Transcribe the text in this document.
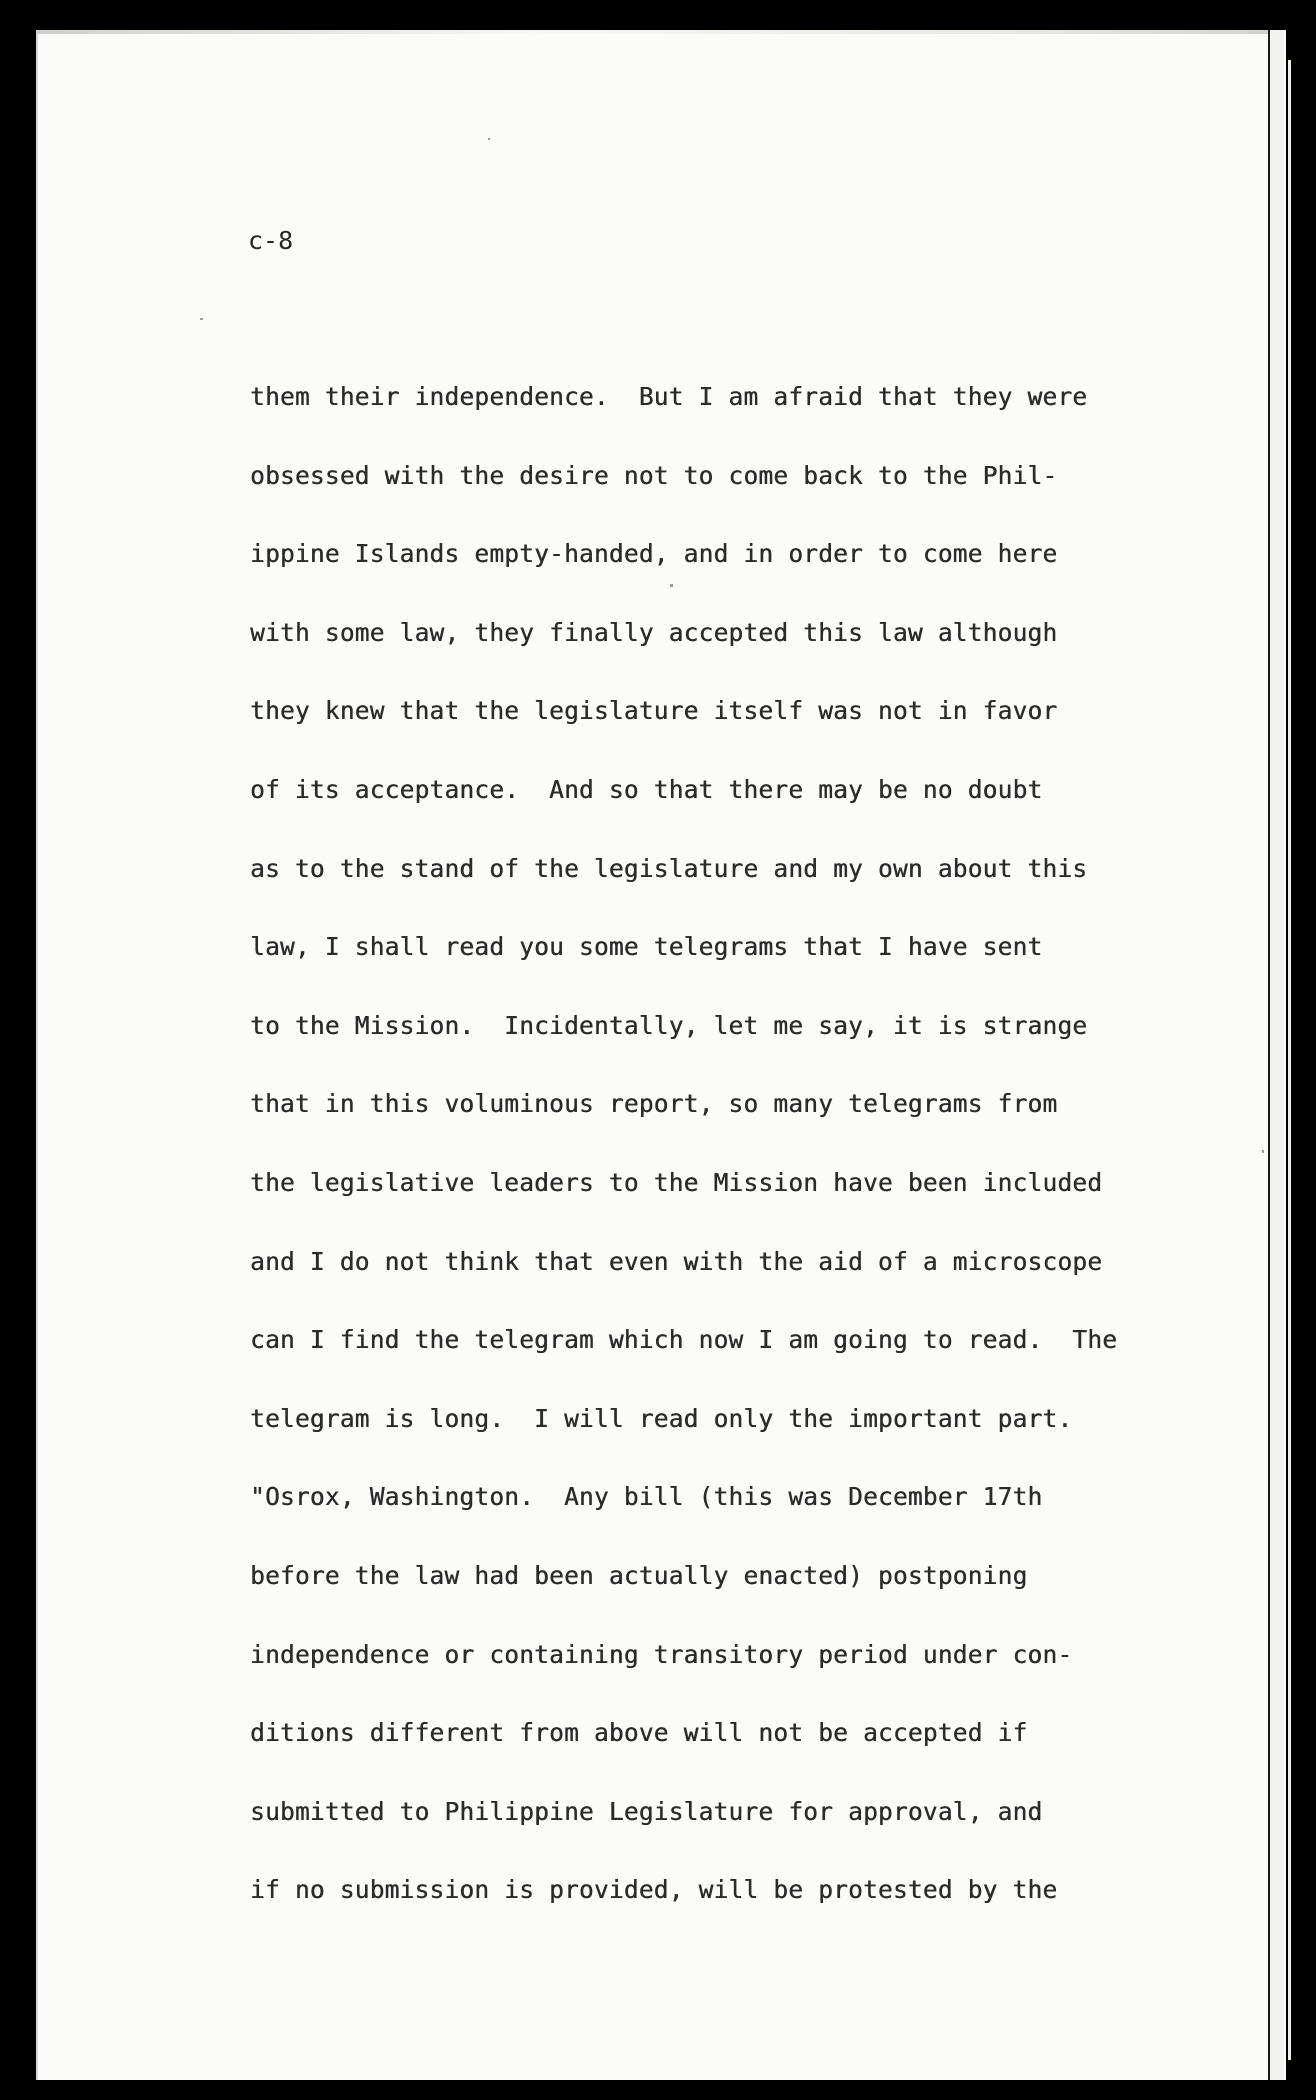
c-8

them their independence.  But I am afraid that they were
obsessed with the desire not to come back to the Phil-
ippine Islands empty-handed, and in order to come here
with some law, they finally accepted this law although
they knew that the legislature itself was not in favor
of its acceptance.  And so that there may be no doubt
as to the stand of the legislature and my own about this
law, I shall read you some telegrams that I have sent
to the Mission.  Incidentally, let me say, it is strange
that in this voluminous report, so many telegrams from
the legislative leaders to the Mission have been included
and I do not think that even with the aid of a microscope
can I find the telegram which now I am going to read.  The
telegram is long.  I will read only the important part.
"Osrox, Washington.  Any bill (this was December 17th
before the law had been actually enacted) postponing
independence or containing transitory period under con-
ditions different from above will not be accepted if
submitted to Philippine Legislature for approval, and
if no submission is provided, will be protested by the
